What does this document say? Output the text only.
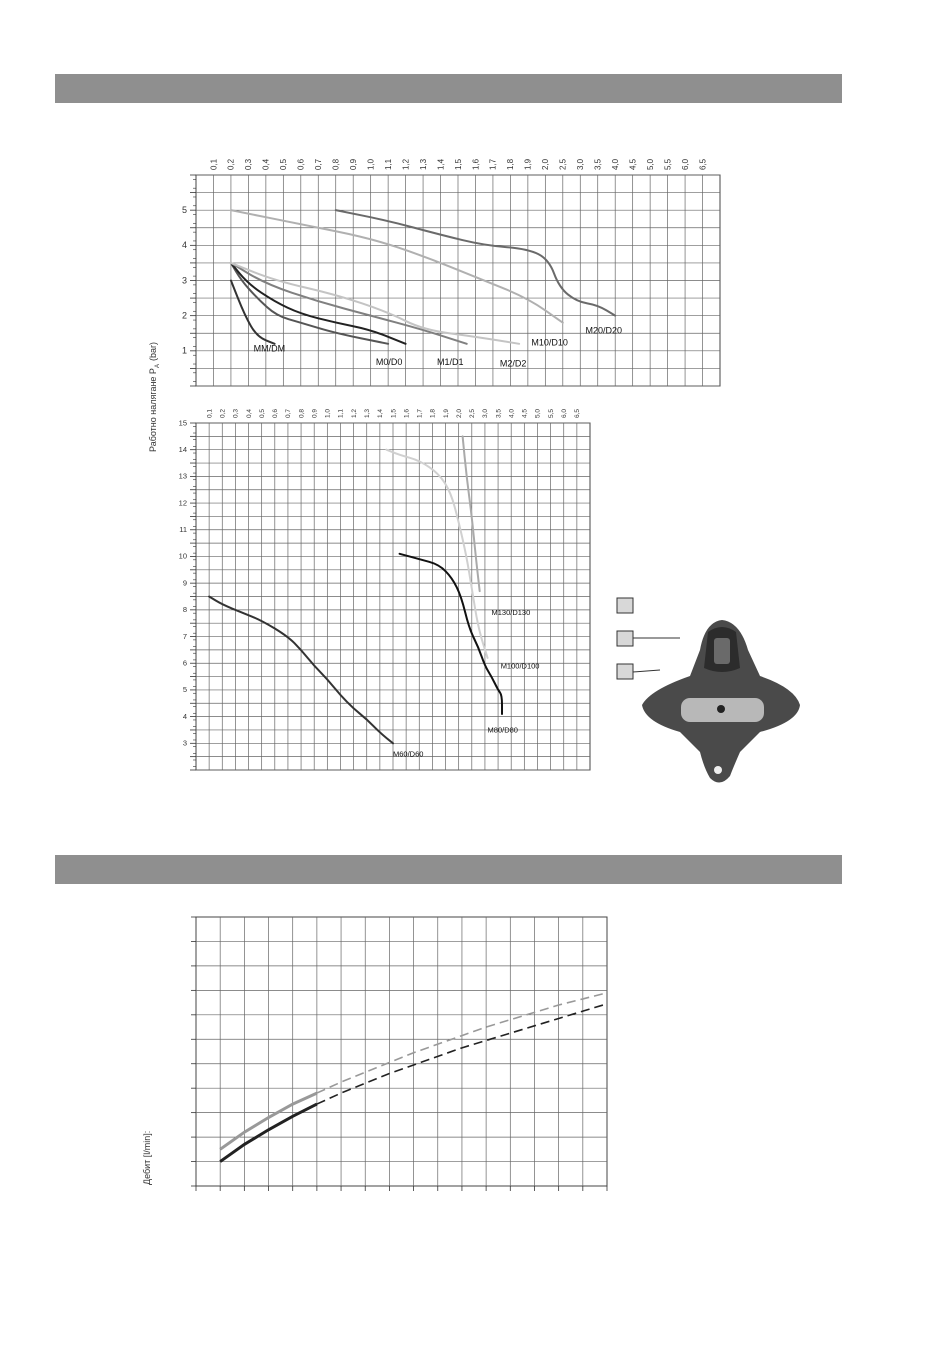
0,1 0,2 0,3 0,4 0,5 0,6 0,7 0,8 0,9 1,0 1,1 1,2 1,3 1,4 1,5 1,6 1,7 1,8 1,9 2,0 2,5 3,0 3,5 4,0 4,5 5,0 5,5 6,0 6,5
1
2
3
4
5
MM/DM
M0/D0	M1/D1	M2/D2
M10/D10
M20/D20
0,1 0,2 0,3 0,4 0,5 0,6 0,7 0,8 0,9 1,0 1,1 1,2 1,3 1,4 1,5 1,6 1,7 1,8 1,9 2,0 2,5 3,0 3,5 4,0 4,5 5,0 5,5 6,0 6,5
3
4
5
6
7
8
9
10
11
12
13
14
15
M60/D60
M80/D80
M100/D100
M130/D130
Работно налягане $P_A(bar)$
Дебит [l/min]:
